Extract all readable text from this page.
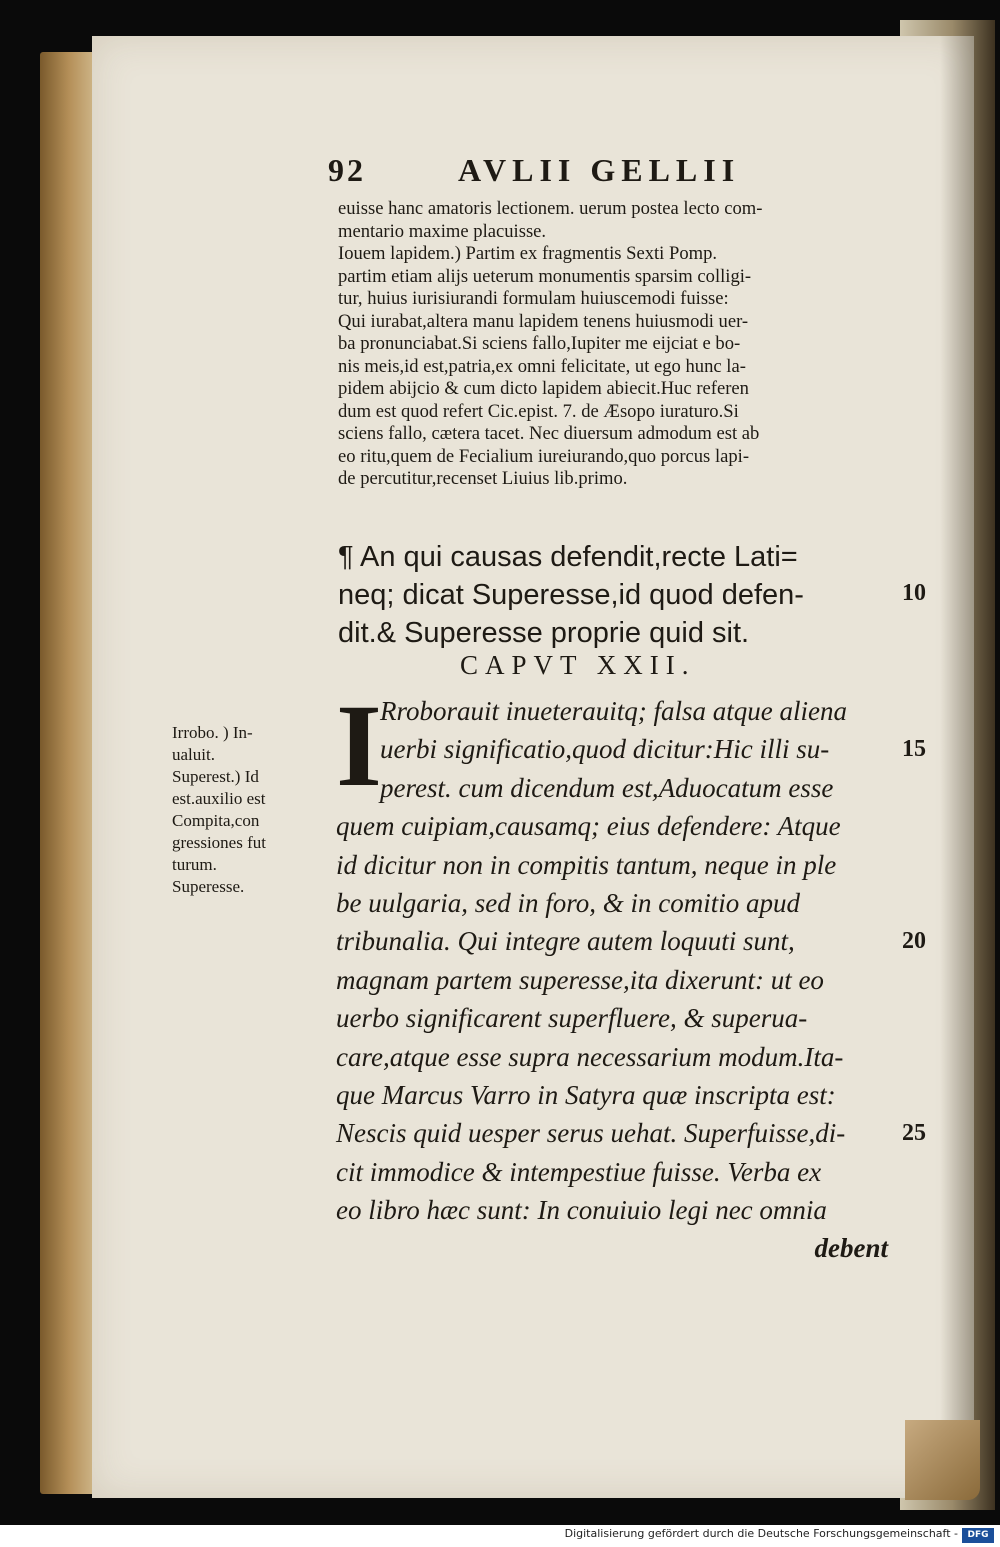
92	AVLII GELLII
euisse hanc amatoris lectionem. uerum postea lecto com-
mentario maxime placuisse.
Iouem lapidem.) Partim ex fragmentis Sexti Pomp.
partim etiam alijs ueterum monumentis sparsim colligi-
tur, huius iurisiurandi formulam huiuscemodi fuisse:
Qui iurabat,altera manu lapidem tenens huiusmodi uer-
ba pronunciabat.Si sciens fallo,Iupiter me eijciat e bo-
nis meis,id est,patria,ex omni felicitate, ut ego hunc la-
pidem abijcio & cum dicto lapidem abiecit.Huc referen
dum est quod refert Cic.epist. 7. de Æsopo iuraturo.Si
sciens fallo, cætera tacet. Nec diuersum admodum est ab
eo ritu,quem de Fecialium iureiurando,quo porcus lapi-
de percutitur,recenset Liuius lib.primo.
¶ An qui causas defendit,recte Lati=
neq; dicat Superesse,id quod defen-
dit.& Superesse proprie quid sit.
CAPVT XXII.
I
Rroborauit inueterauitq; falsa atque aliena
uerbi significatio,quod dicitur:Hic illi su-
perest. cum dicendum est,Aduocatum esse
quem cuipiam,causamq; eius defendere: Atque
id dicitur non in compitis tantum, neque in ple
be uulgaria, sed in foro, & in comitio apud
tribunalia. Qui integre autem loquuti sunt,
magnam partem superesse,ita dixerunt: ut eo
uerbo significarent superfluere, & superua-
care,atque esse supra necessarium modum.Ita-
que Marcus Varro in Satyra quæ inscripta est:
Nescis quid uesper serus uehat. Superfuisse,di-
cit immodice & intempestiue fuisse. Verba ex
eo libro hæc sunt: In conuiuio legi nec omnia
debent
Irrobo. ) In-
ualuit.
Superest.) Id
est.auxilio est
Compita,con
gressiones fut
turum.
Superesse.
10
15
20
25
Digitalisierung gefördert durch die Deutsche Forschungsgemeinschaft -	DFG
